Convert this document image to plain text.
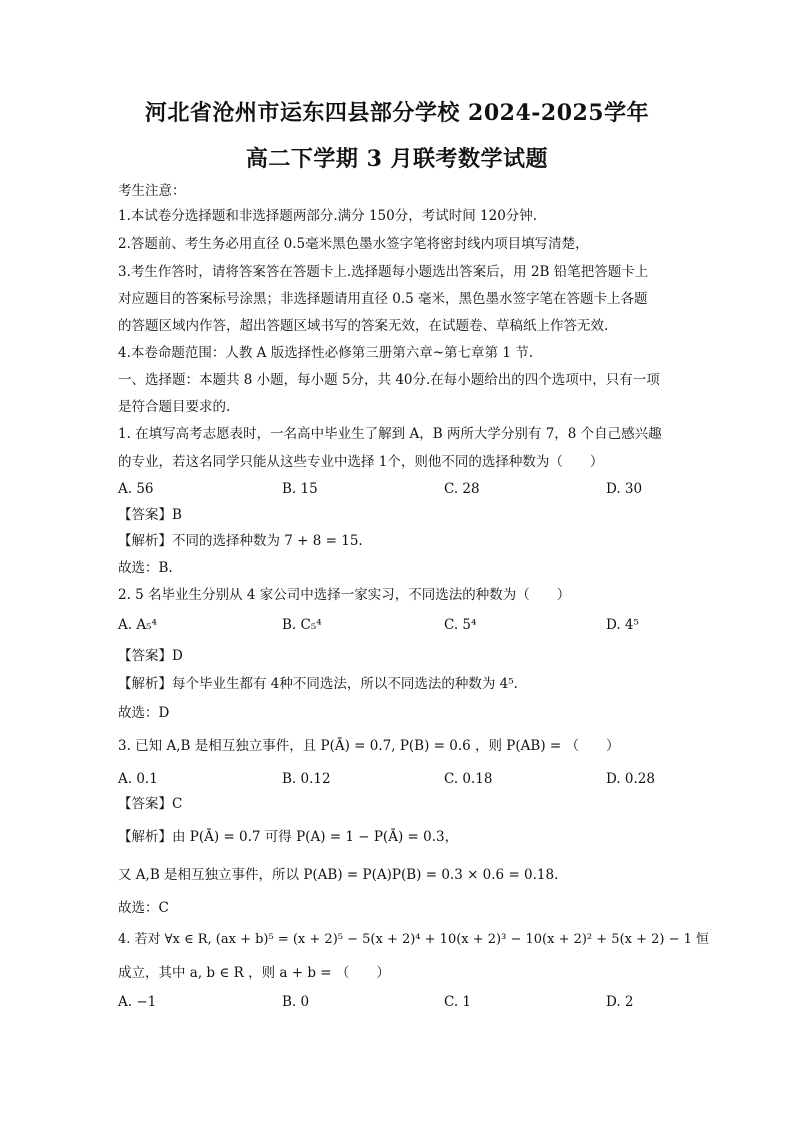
河北省沧州市运东四县部分学校 2024-2025学年
高二下学期 3 月联考数学试题
考生注意：
1.本试卷分选择题和非选择题两部分.满分 150分，考试时间 120分钟.
2.答题前、考生务必用直径 0.5毫米黑色墨水签字笔将密封线内项目填写清楚，
3.考生作答时，请将答案答在答题卡上.选择题每小题选出答案后，用 2B 铅笔把答题卡上
对应题目的答案标号涂黑；非选择题请用直径 0.5 毫米，黑色墨水签字笔在答题卡上各题
的答题区域内作答，超出答题区域书写的答案无效，在试题卷、草稿纸上作答无效.
4.本卷命题范围：人教 A 版选择性必修第三册第六章~第七章第 1 节.
一、选择题：本题共 8 小题，每小题 5分，共 40分.在每小题给出的四个选项中，只有一项
是符合题目要求的.
1. 在填写高考志愿表时，一名高中毕业生了解到 A，B 两所大学分别有 7，8 个自己感兴趣
的专业，若这名同学只能从这些专业中选择 1个，则他不同的选择种数为（　　）
A. 56	B. 15	C. 28	D. 30
【答案】B
【解析】不同的选择种数为 7 + 8 = 15.
故选：B.
2. 5 名毕业生分别从 4 家公司中选择一家实习，不同选法的种数为（　　）
A. A₅⁴	B. C₅⁴	C. 5⁴	D. 4⁵
【答案】D
【解析】每个毕业生都有 4种不同选法，所以不同选法的种数为 4⁵.
故选：D
3. 已知 A,B 是相互独立事件，且 P(Ā) = 0.7, P(B) = 0.6 ，则 P(AB) = （　　）
A. 0.1	B. 0.12	C. 0.18	D. 0.28
【答案】C
【解析】由 P(Ā) = 0.7 可得 P(A) = 1 − P(Ā) = 0.3，
又 A,B 是相互独立事件，所以 P(AB) = P(A)P(B) = 0.3 × 0.6 = 0.18.
故选：C
4. 若对 ∀x ∈ R, (ax + b)⁵ = (x + 2)⁵ − 5(x + 2)⁴ + 10(x + 2)³ − 10(x + 2)² + 5(x + 2) − 1 恒
成立，其中 a, b ∈ R ，则 a + b = （　　）
A. −1	B. 0	C. 1	D. 2
